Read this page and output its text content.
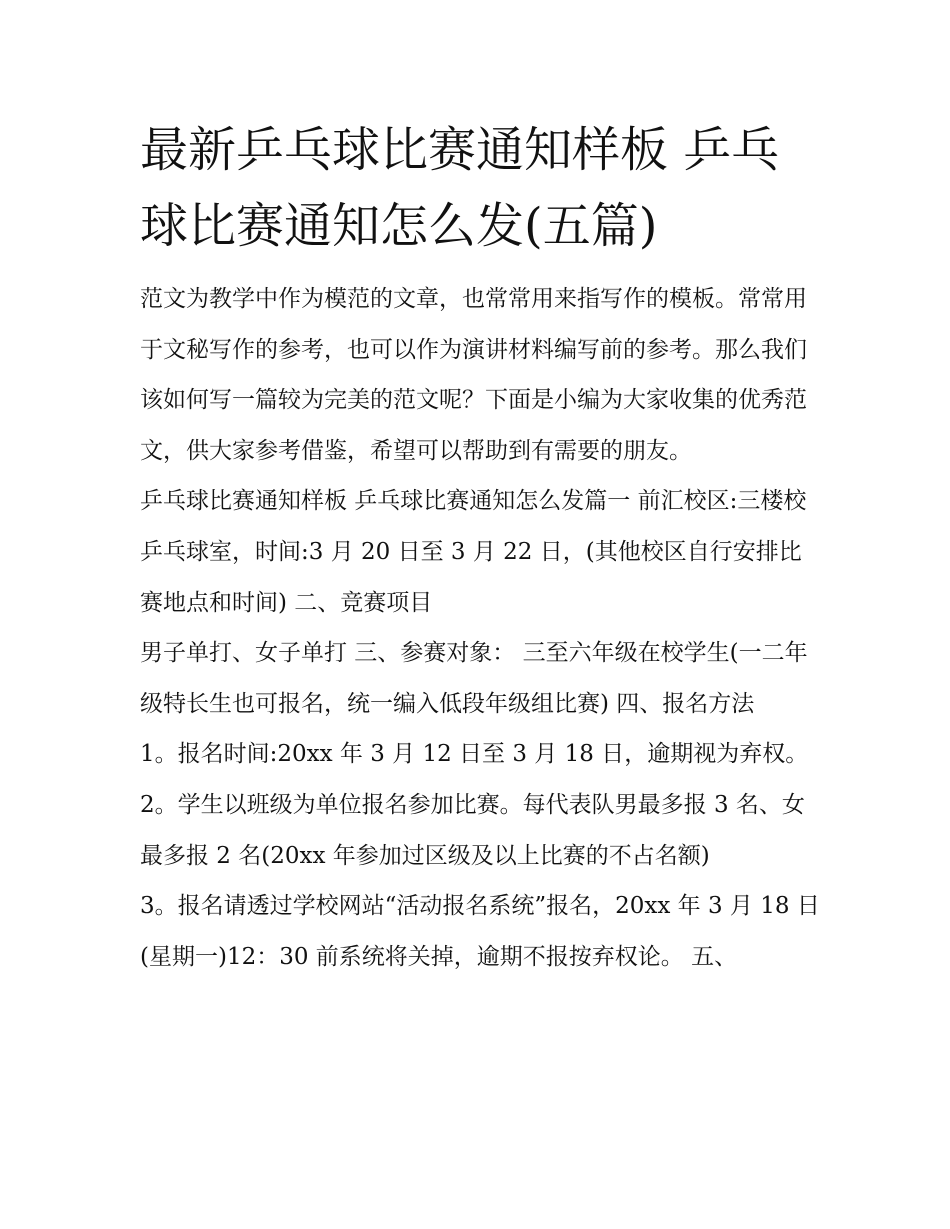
最新乒乓球比赛通知样板 乒乓球比赛通知怎么发(五篇)

范文为教学中作为模范的文章，也常常用来指写作的模板。常常用于文秘写作的参考，也可以作为演讲材料编写前的参考。那么我们该如何写一篇较为完美的范文呢？下面是小编为大家收集的优秀范文，供大家参考借鉴，希望可以帮助到有需要的朋友。

乒乓球比赛通知样板 乒乓球比赛通知怎么发篇一 前汇校区:三楼校乒乓球室，时间:3 月 20 日至 3 月 22 日，(其他校区自行安排比赛地点和时间) 二、竞赛项目

男子单打、女子单打 三、参赛对象： 三至六年级在校学生(一二年级特长生也可报名，统一编入低段年级组比赛) 四、报名方法

1。报名时间:20xx 年 3 月 12 日至 3 月 18 日，逾期视为弃权。

2。学生以班级为单位报名参加比赛。每代表队男最多报 3 名、女最多报 2 名(20xx 年参加过区级及以上比赛的不占名额)

3。报名请透过学校网站“活动报名系统”报名，20xx 年 3 月 18 日(星期一)12：30 前系统将关掉，逾期不报按弃权论。 五、
